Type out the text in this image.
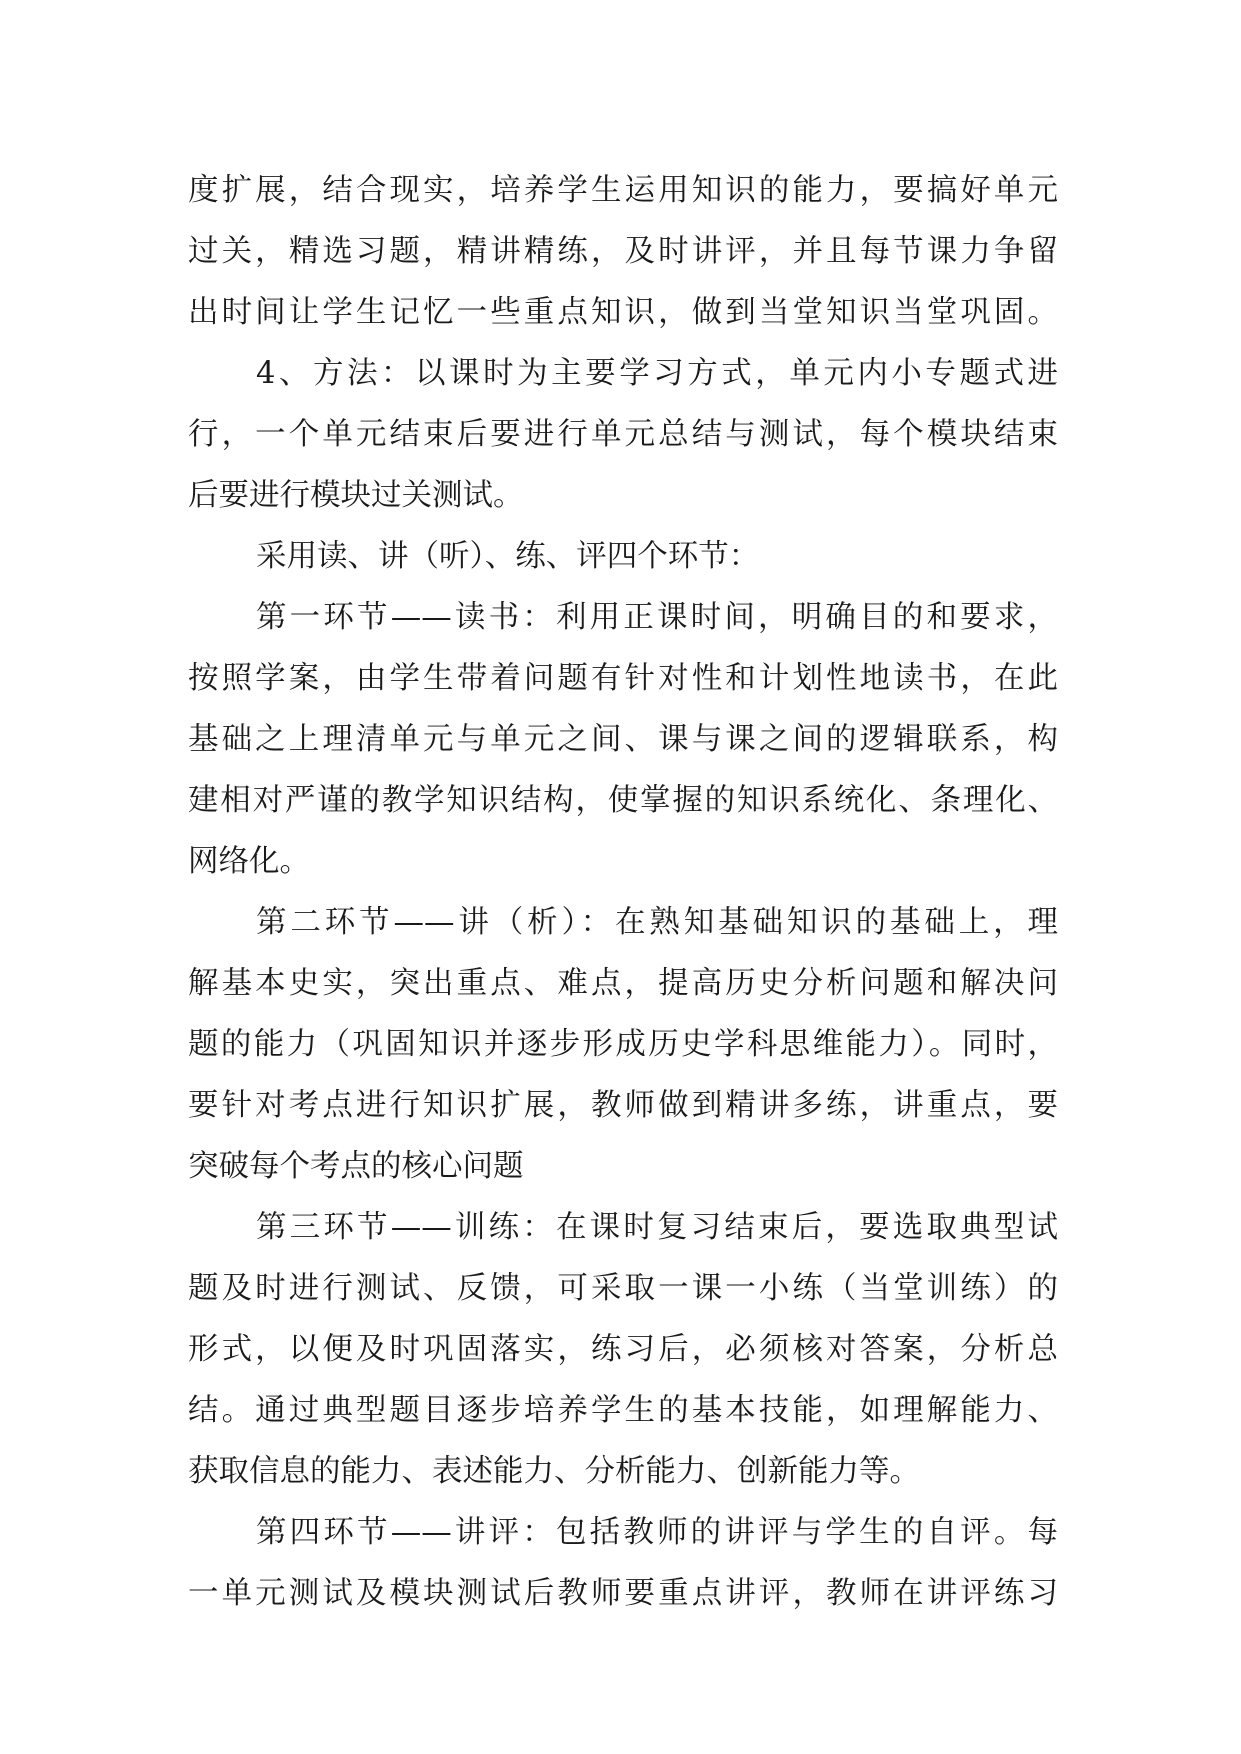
度扩展，结合现实，培养学生运用知识的能力，要搞好单元
过关，精选习题，精讲精练，及时讲评，并且每节课力争留
出时间让学生记忆一些重点知识，做到当堂知识当堂巩固。
4、方法：以课时为主要学习方式，单元内小专题式进
行，一个单元结束后要进行单元总结与测试，每个模块结束
后要进行模块过关测试。
采用读、讲（听）、练、评四个环节：
第一环节——读书：利用正课时间，明确目的和要求，
按照学案，由学生带着问题有针对性和计划性地读书，在此
基础之上理清单元与单元之间、课与课之间的逻辑联系，构
建相对严谨的教学知识结构，使掌握的知识系统化、条理化、
网络化。
第二环节——讲（析）：在熟知基础知识的基础上，理
解基本史实，突出重点、难点，提高历史分析问题和解决问
题的能力（巩固知识并逐步形成历史学科思维能力）。同时，
要针对考点进行知识扩展，教师做到精讲多练，讲重点，要
突破每个考点的核心问题
第三环节——训练：在课时复习结束后，要选取典型试
题及时进行测试、反馈，可采取一课一小练（当堂训练）的
形式，以便及时巩固落实，练习后，必须核对答案，分析总
结。通过典型题目逐步培养学生的基本技能，如理解能力、
获取信息的能力、表述能力、分析能力、创新能力等。
第四环节——讲评：包括教师的讲评与学生的自评。每
一单元测试及模块测试后教师要重点讲评，教师在讲评练习
